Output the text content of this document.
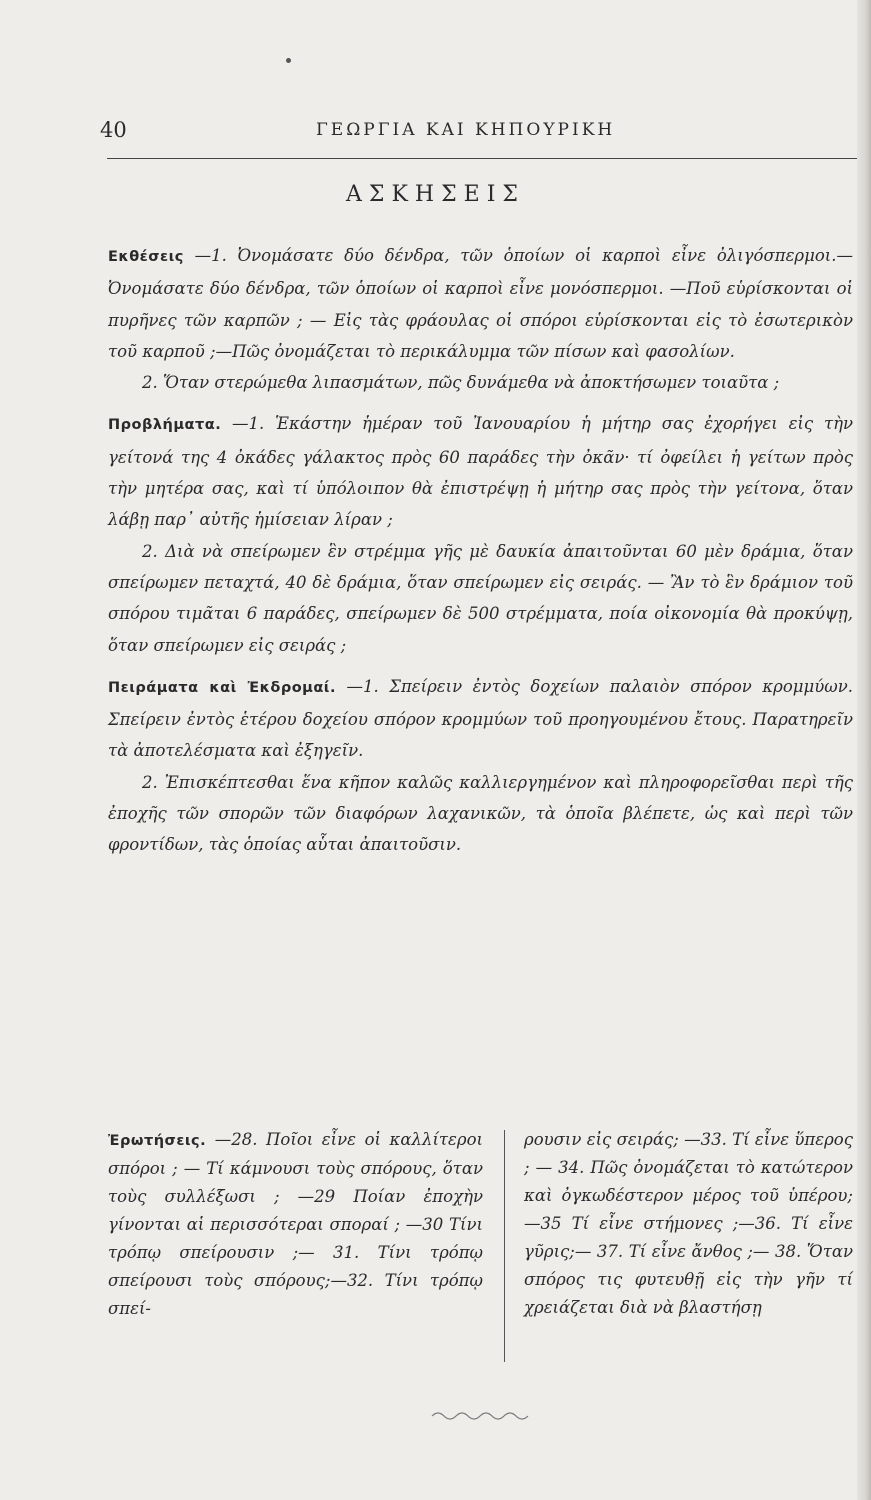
40	ΓΕΩΡΓΙΑ ΚΑΙ ΚΗΠΟΥΡΙΚΗ
ΑΣΚΗΣΕΙΣ

Εκθέσεις —1. Ὀνομάσατε δύο δένδρα, τῶν ὁποίων οἱ καρποὶ εἶνε ὀλιγόσπερμοι.—Ὀνομάσατε δύο δένδρα, τῶν ὁποίων οἱ καρποὶ εἶνε μονόσπερμοι. —Ποῦ εὑρίσκονται οἱ πυρῆνες τῶν καρπῶν ; — Εἰς τὰς φράουλας οἱ σπόροι εὑρίσκονται εἰς τὸ ἐσωτερικὸν τοῦ καρποῦ ;—Πῶς ὀνομάζεται τὸ περικάλυμμα τῶν πίσων καὶ φασολίων.

2. Ὅταν στερώμεθα λιπασμάτων, πῶς δυνάμεθα νὰ ἀποκτήσωμεν τοιαῦτα ;

Προβλήματα. —1. Ἑκάστην ἡμέραν τοῦ Ἰανουαρίου ἡ μήτηρ σας ἐχορήγει εἰς τὴν γείτονά της 4 ὀκάδες γάλακτος πρὸς 60 παράδες τὴν ὀκᾶν· τί ὀφείλει ἡ γείτων πρὸς τὴν μητέρα σας, καὶ τί ὑπόλοιπον θὰ ἐπιστρέψῃ ἡ μήτηρ σας πρὸς τὴν γείτονα, ὅταν λάβῃ παρ᾽ αὐτῆς ἡμίσειαν λίραν ;

2. Διὰ νὰ σπείρωμεν ἓν στρέμμα γῆς μὲ δαυκία ἀπαιτοῦνται 60 μὲν δράμια, ὅταν σπείρωμεν πεταχτά, 40 δὲ δράμια, ὅταν σπείρωμεν εἰς σειράς. — Ἂν τὸ ἓν δράμιον τοῦ σπόρου τιμᾶται 6 παράδες, σπείρωμεν δὲ 500 στρέμματα, ποία οἰκονομία θὰ προκύψῃ, ὅταν σπείρωμεν εἰς σειράς ;

Πειράματα καὶ Ἐκδρομαί. —1. Σπείρειν ἐντὸς δοχείων παλαιὸν σπόρον κρομμύων. Σπείρειν ἐντὸς ἑτέρου δοχείου σπόρον κρομμύων τοῦ προηγουμένου ἔτους. Παρατηρεῖν τὰ ἀποτελέσματα καὶ ἐξηγεῖν.

2. Ἐπισκέπτεσθαι ἕνα κῆπον καλῶς καλλιεργημένον καὶ πληροφορεῖσθαι περὶ τῆς ἐποχῆς τῶν σπορῶν τῶν διαφόρων λαχανικῶν, τὰ ὁποῖα βλέπετε, ὡς καὶ περὶ τῶν φροντίδων, τὰς ὁποίας αὗται ἀπαιτοῦσιν.

Ἐρωτήσεις. —28. Ποῖοι εἶνε οἱ καλλίτεροι σπόροι ; — Τί κάμνουσι τοὺς σπόρους, ὅταν τοὺς συλλέξωσι ; —29 Ποίαν ἐποχὴν γίνονται αἱ περισσότεραι σποραί ; —30 Τίνι τρόπῳ σπείρουσιν ;— 31. Τίνι τρόπῳ σπείρουσι τοὺς σπόρους;—32. Τίνι τρόπῳ σπεί-
ρουσιν εἰς σειράς; —33. Τί εἶνε ὕπερος ; — 34. Πῶς ὀνομάζεται τὸ κατώτερον καὶ ὀγκωδέστερον μέρος τοῦ ὑπέρου; —35 Τί εἶνε στήμονες ;—36. Τί εἶνε γῦρις;— 37. Τί εἶνε ἄνθος ;— 38. Ὅταν σπόρος τις φυτευθῇ εἰς τὴν γῆν τί χρειάζεται διὰ νὰ βλαστήσῃ
